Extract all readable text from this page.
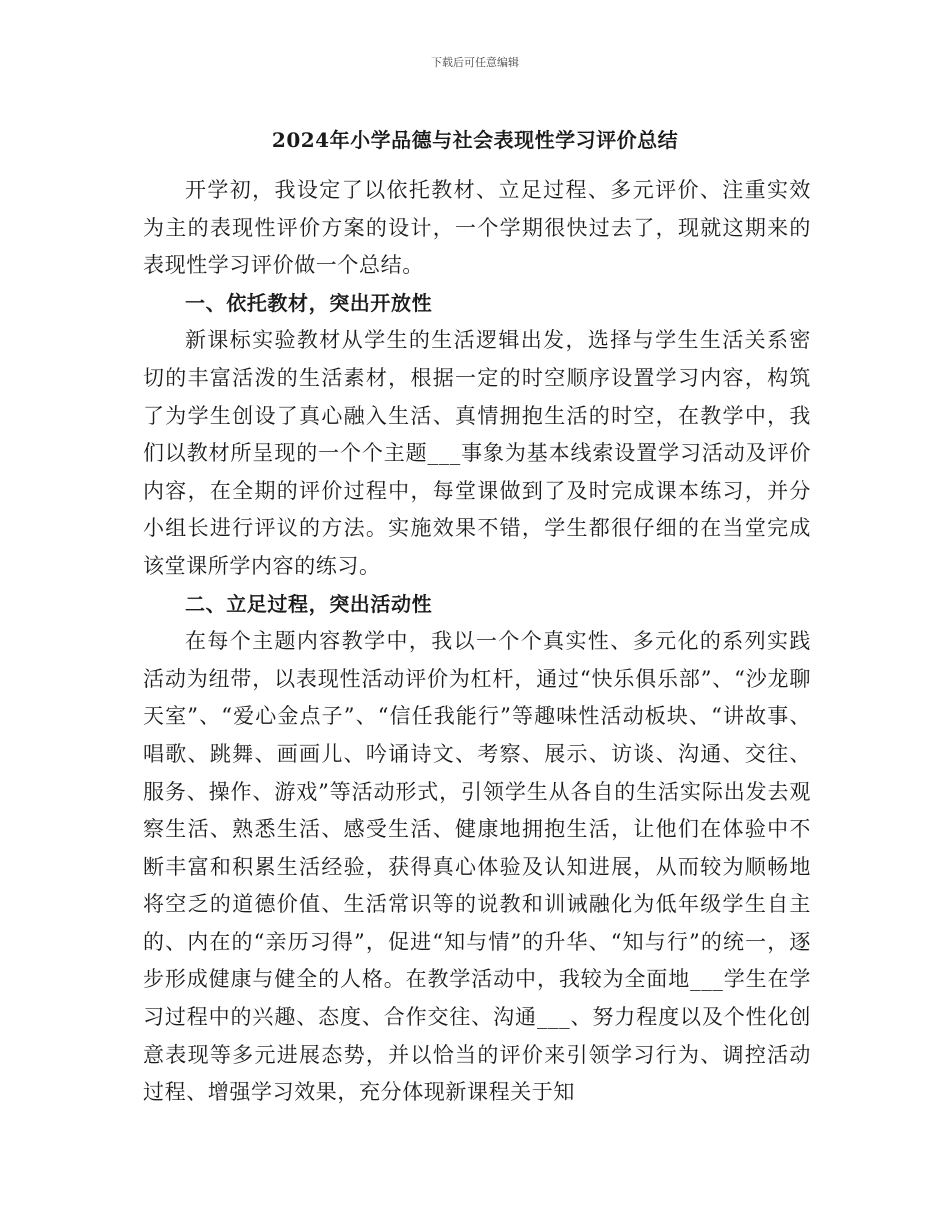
下载后可任意编辑
2024年小学品德与社会表现性学习评价总结

开学初，我设定了以依托教材、立足过程、多元评价、注重实效为主的表现性评价方案的设计，一个学期很快过去了，现就这期来的表现性学习评价做一个总结。

一、依托教材，突出开放性

新课标实验教材从学生的生活逻辑出发，选择与学生生活关系密切的丰富活泼的生活素材，根据一定的时空顺序设置学习内容，构筑了为学生创设了真心融入生活、真情拥抱生活的时空，在教学中，我们以教材所呈现的一个个主题___事象为基本线索设置学习活动及评价内容，在全期的评价过程中，每堂课做到了及时完成课本练习，并分小组长进行评议的方法。实施效果不错，学生都很仔细的在当堂完成该堂课所学内容的练习。

二、立足过程，突出活动性

在每个主题内容教学中，我以一个个真实性、多元化的系列实践活动为纽带，以表现性活动评价为杠杆，通过“快乐俱乐部”、“沙龙聊天室”、“爱心金点子”、“信任我能行”等趣味性活动板块、“讲故事、唱歌、跳舞、画画儿、吟诵诗文、考察、展示、访谈、沟通、交往、服务、操作、游戏”等活动形式，引领学生从各自的生活实际出发去观察生活、熟悉生活、感受生活、健康地拥抱生活，让他们在体验中不断丰富和积累生活经验，获得真心体验及认知进展，从而较为顺畅地将空乏的道德价值、生活常识等的说教和训诫融化为低年级学生自主的、内在的“亲历习得”，促进“知与情”的升华、“知与行”的统一，逐步形成健康与健全的人格。在教学活动中，我较为全面地___学生在学习过程中的兴趣、态度、合作交往、沟通___、努力程度以及个性化创意表现等多元进展态势，并以恰当的评价来引领学习行为、调控活动过程、增强学习效果，充分体现新课程关于知
